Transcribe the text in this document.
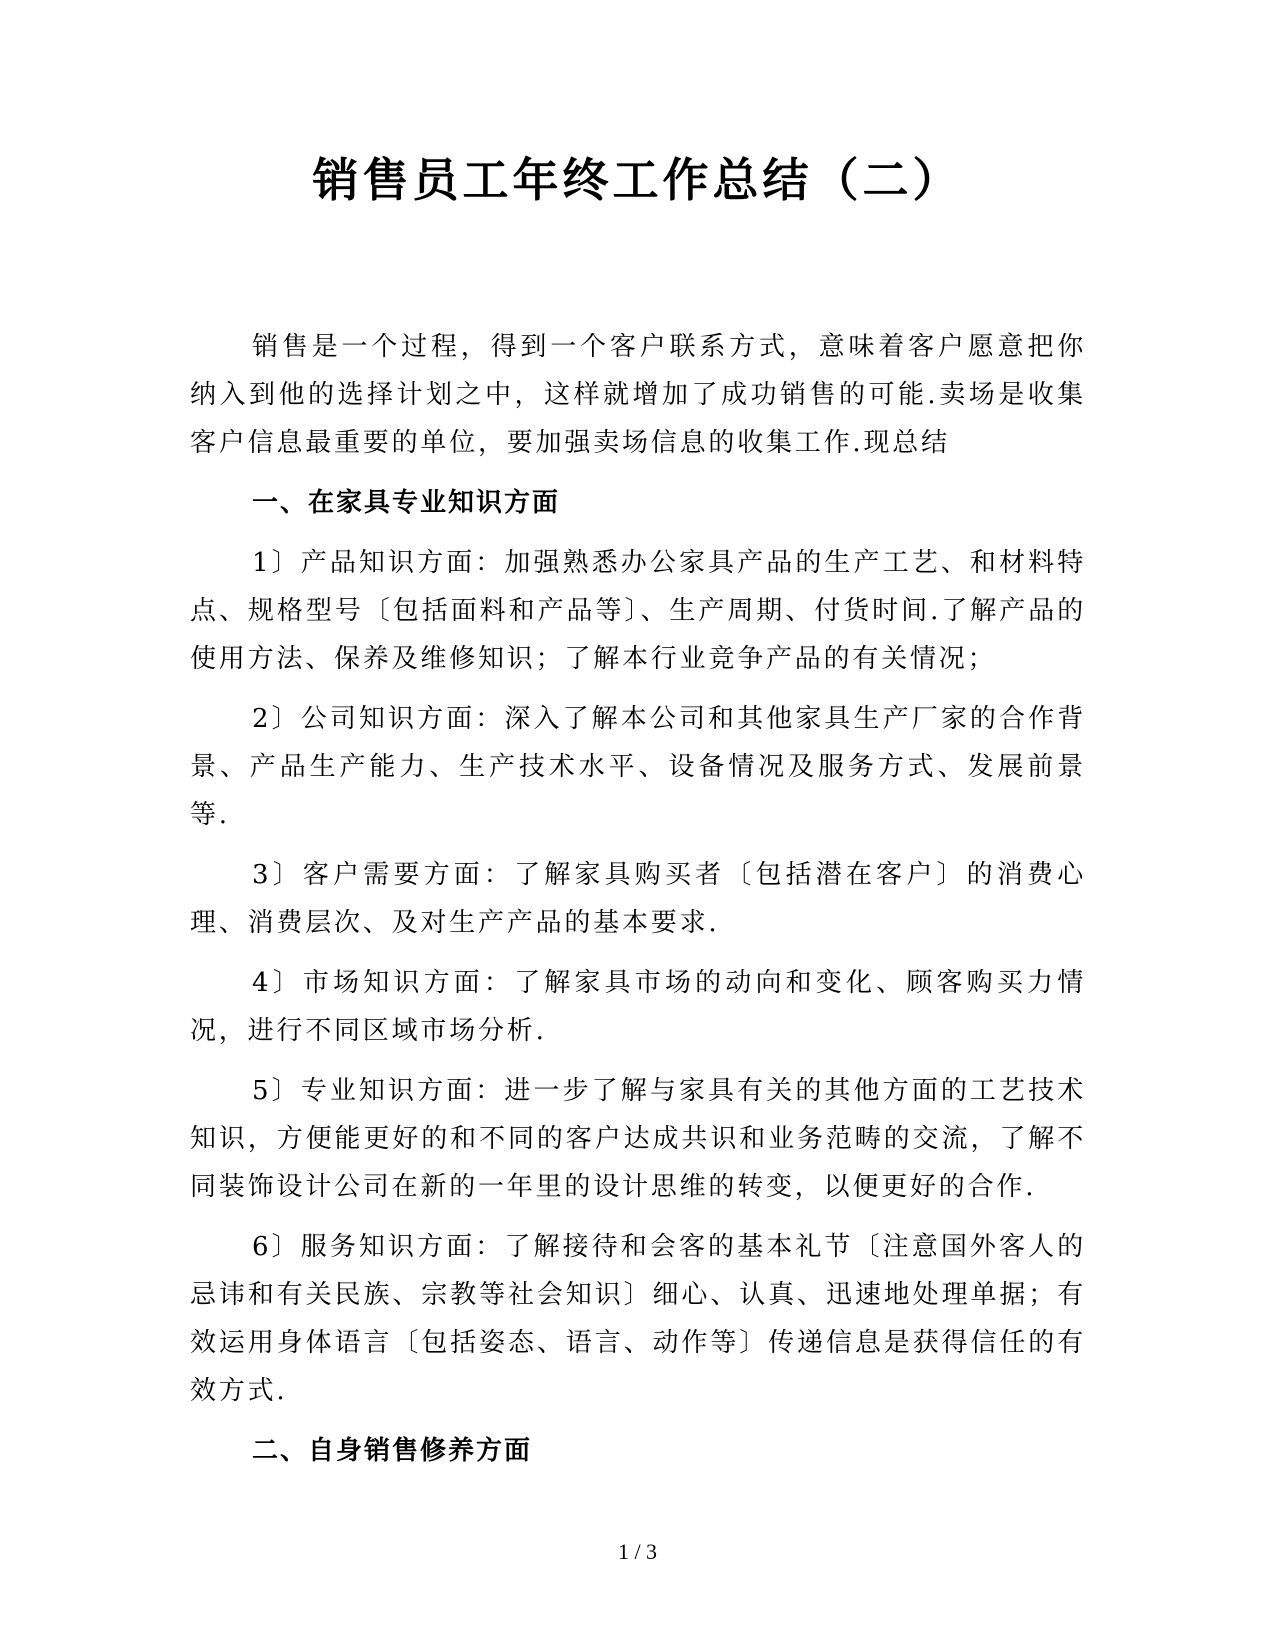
销售员工年终工作总结（二）

销售是一个过程，得到一个客户联系方式，意味着客户愿意把你纳入到他的选择计划之中，这样就增加了成功销售的可能.卖场是收集客户信息最重要的单位，要加强卖场信息的收集工作.现总结

一、在家具专业知识方面

1〕产品知识方面：加强熟悉办公家具产品的生产工艺、和材料特点、规格型号〔包括面料和产品等〕、生产周期、付货时间.了解产品的使用方法、保养及维修知识；了解本行业竞争产品的有关情况；

2〕公司知识方面：深入了解本公司和其他家具生产厂家的合作背景、产品生产能力、生产技术水平、设备情况及服务方式、发展前景等.

3〕客户需要方面：了解家具购买者〔包括潜在客户〕的消费心理、消费层次、及对生产产品的基本要求.

4〕市场知识方面：了解家具市场的动向和变化、顾客购买力情况，进行不同区域市场分析.

5〕专业知识方面：进一步了解与家具有关的其他方面的工艺技术知识，方便能更好的和不同的客户达成共识和业务范畴的交流，了解不同装饰设计公司在新的一年里的设计思维的转变，以便更好的合作.

6〕服务知识方面：了解接待和会客的基本礼节〔注意国外客人的忌讳和有关民族、宗教等社会知识〕细心、认真、迅速地处理单据；有效运用身体语言〔包括姿态、语言、动作等〕传递信息是获得信任的有效方式.

二、自身销售修养方面

1 / 3
